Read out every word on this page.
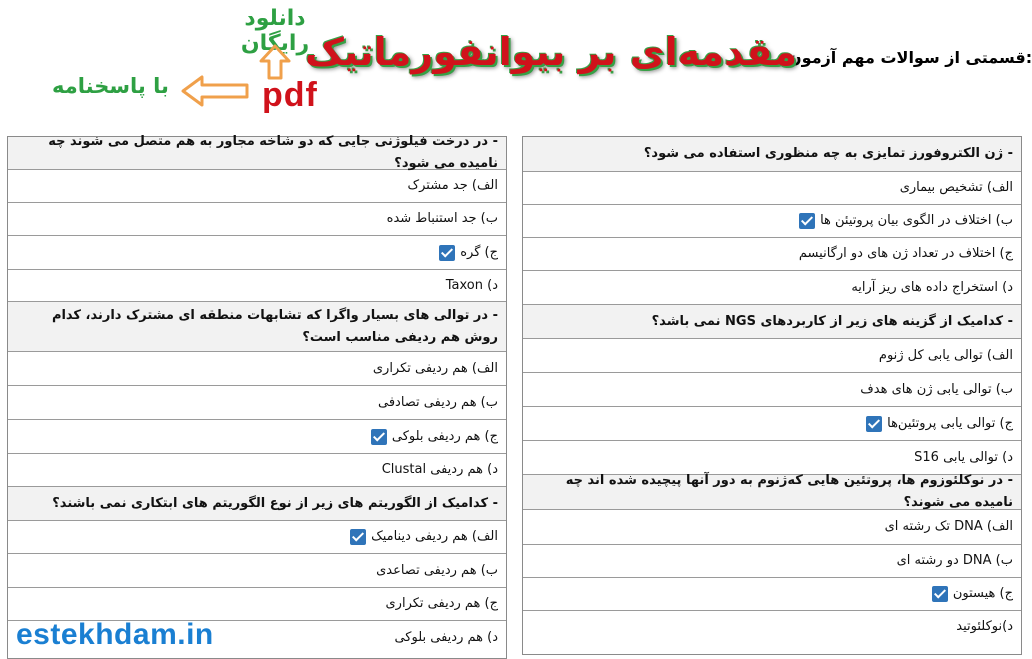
دانلود رایگان
pdf
با پاسخنامه
قسمتی از سوالات مهم آزمون:
مقدمه‌ای بر بیوانفورماتیک
- ژن الکتروفورز تمایزی به چه منظوری استفاده می شود؟
الف) تشخیص بیماری
ب) اختلاف در الگوی بیان پروتیئن ها
ج) اختلاف در تعداد ژن های دو ارگانیسم
د) استخراج داده های ریز آرایه
- کدامیک از گزینه های زیر از کاربردهای NGS نمی باشد؟
الف) توالی یابی کل ژنوم
ب) توالی یابی ژن های هدف
ج) توالی یابی پروتئین‌ها
د) توالی یابی S16
- در نوکلئوزوم ها، پروتئین هایی که‌ژنوم به دور آنها پیچیده شده اند چه نامیده می شوند؟
الف) DNA تک رشته ای
ب) DNA دو رشته ای
ج) هیستون
د)نوکلئوتید
- در درخت فیلوژنی جایی که دو شاخه مجاور به هم متصل می شوند چه نامیده می شود؟
الف) جد مشترک
ب) جد استنباط شده
ج) گره
د) Taxon
- در توالی های بسیار واگرا که تشابهات منطقه ای مشترک دارند، کدام روش هم ردیفی مناسب است؟
الف) هم ردیفی تکراری
ب) هم ردیفی تصادفی
ج) هم ردیفی بلوکی
د) هم ردیفی Clustal
- کدامیک از الگوریتم های زیر از نوع الگوریتم های ابتکاری نمی باشند؟
الف) هم ردیفی دینامیک
ب) هم ردیفی تصاعدی
ج) هم ردیفی تکراری
د) هم ردیفی بلوکی
estekhdam.in
